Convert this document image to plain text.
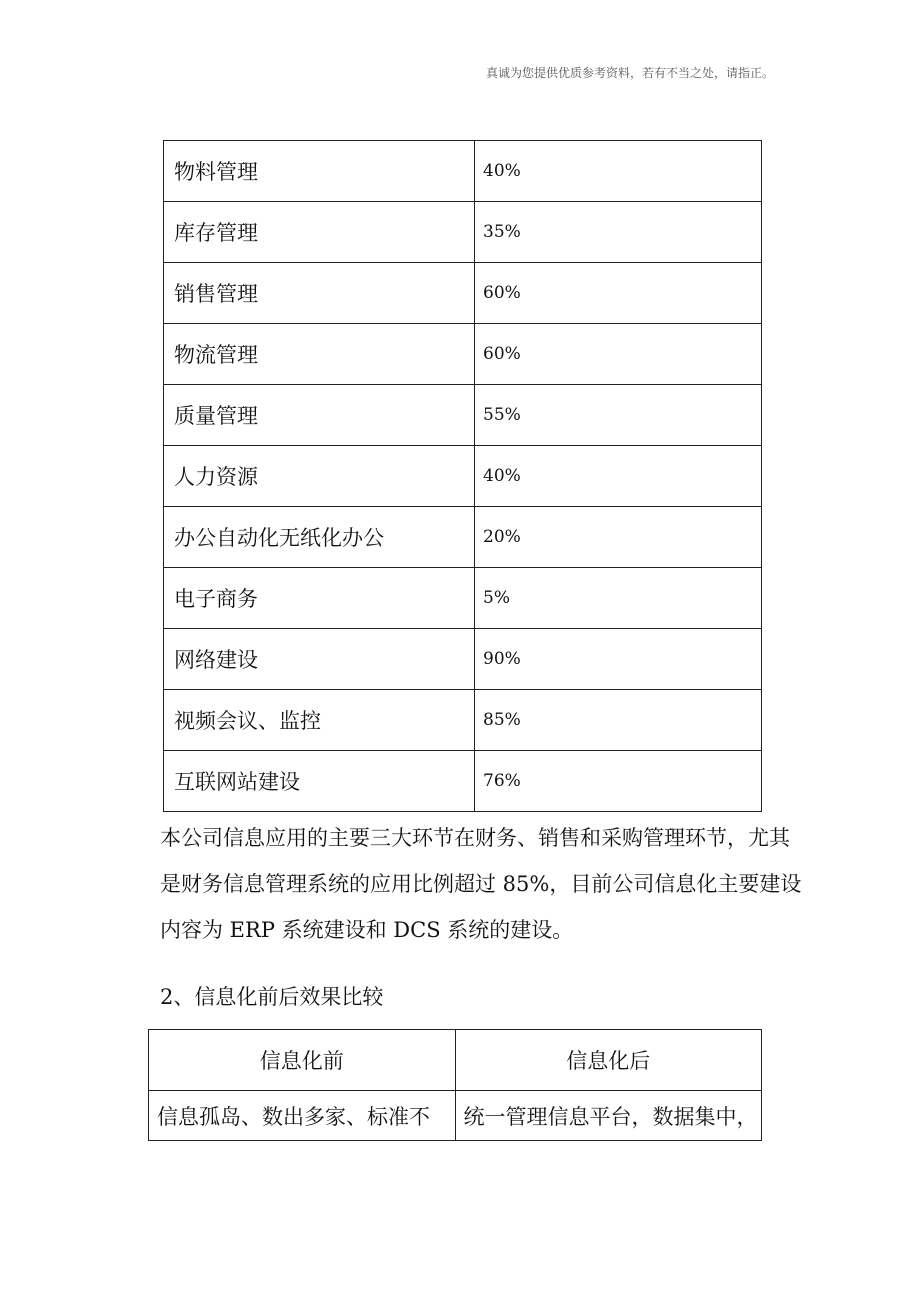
真诚为您提供优质参考资料，若有不当之处，请指正。
物料管理	40%
库存管理	35%
销售管理	60%
物流管理	60%
质量管理	55%
人力资源	40%
办公自动化无纸化办公	20%
电子商务	5%
网络建设	90%
视频会议、监控	85%
互联网站建设	76%

本公司信息应用的主要三大环节在财务、销售和采购管理环节，尤其
是财务信息管理系统的应用比例超过 85%，目前公司信息化主要建设
内容为 ERP 系统建设和 DCS 系统的建设。

2、信息化前后效果比较

信息化前	信息化后
信息孤岛、数出多家、标准不	统一管理信息平台，数据集中，
